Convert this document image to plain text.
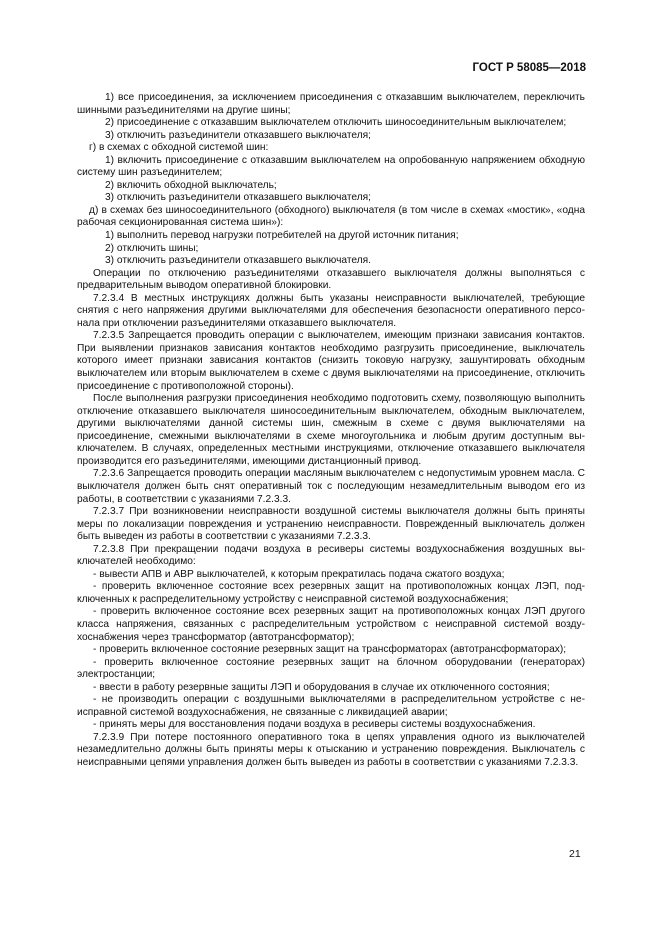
ГОСТ Р 58085—2018

1) все присоединения, за исключением присоединения с отказавшим выключателем, переключить шинными разъединителями на другие шины;

2) присоединение с отказавшим выключателем отключить шиносоединительным выключателем;

3) отключить разъединители отказавшего выключателя;

г) в схемах с обходной системой шин:

1) включить присоединение с отказавшим выключателем на опробованную напряжением обходную систему шин разъединителем;

2) включить обходной выключатель;

3) отключить разъединители отказавшего выключателя;

д) в схемах без шиносоединительного (обходного) выключателя (в том числе в схемах «мостик», «одна рабочая секционированная система шин»):

1) выполнить перевод нагрузки потребителей на другой источник питания;

2) отключить шины;

3) отключить разъединители отказавшего выключателя.

Операции по отключению разъединителями отказавшего выключателя должны выполняться с предварительным выводом оперативной блокировки.

7.2.3.4 В местных инструкциях должны быть указаны неисправности выключателей, требующие снятия с него напряжения другими выключателями для обеспечения безопасности оперативного персонала при отключении разъединителями отказавшего выключателя.

7.2.3.5 Запрещается проводить операции с выключателем, имеющим признаки зависания контактов. При выявлении признаков зависания контактов необходимо разгрузить присоединение, выключатель которого имеет признаки зависания контактов (снизить токовую нагрузку, зашунтировать обходным выключателем или вторым выключателем в схеме с двумя выключателями на присоединение, отключить присоединение с противоположной стороны).

После выполнения разгрузки присоединения необходимо подготовить схему, позволяющую выполнить отключение отказавшего выключателя шиносоединительным выключателем, обходным выключателем, другими выключателями данной системы шин, смежным в схеме с двумя выключателями на присоединение, смежными выключателями в схеме многоугольника и любым другим доступным выключателем. В случаях, определенных местными инструкциями, отключение отказавшего выключателя производится его разъединителями, имеющими дистанционный привод.

7.2.3.6 Запрещается проводить операции масляным выключателем с недопустимым уровнем масла. С выключателя должен быть снят оперативный ток с последующим незамедлительным выводом его из работы, в соответствии с указаниями 7.2.3.3.

7.2.3.7 При возникновении неисправности воздушной системы выключателя должны быть приняты меры по локализации повреждения и устранению неисправности. Поврежденный выключатель должен быть выведен из работы в соответствии с указаниями 7.2.3.3.

7.2.3.8 При прекращении подачи воздуха в ресиверы системы воздухоснабжения воздушных выключателей необходимо:

- вывести АПВ и АВР выключателей, к которым прекратилась подача сжатого воздуха;

- проверить включенное состояние всех резервных защит на противоположных концах ЛЭП, подключенных к распределительному устройству с неисправной системой воздухоснабжения;

- проверить включенное состояние всех резервных защит на противоположных концах ЛЭП другого класса напряжения, связанных с распределительным устройством с неисправной системой воздухоснабжения через трансформатор (автотрансформатор);

- проверить включенное состояние резервных защит на трансформаторах (автотрансформаторах);

- проверить включенное состояние резервных защит на блочном оборудовании (генераторах) электростанции;

- ввести в работу резервные защиты ЛЭП и оборудования в случае их отключенного состояния;

- не производить операции с воздушными выключателями в распределительном устройстве с неисправной системой воздухоснабжения, не связанные с ликвидацией аварии;

- принять меры для восстановления подачи воздуха в ресиверы системы воздухоснабжения.

7.2.3.9 При потере постоянного оперативного тока в цепях управления одного из выключателей незамедлительно должны быть приняты меры к отысканию и устранению повреждения. Выключатель с неисправными цепями управления должен быть выведен из работы в соответствии с указаниями 7.2.3.3.

21
